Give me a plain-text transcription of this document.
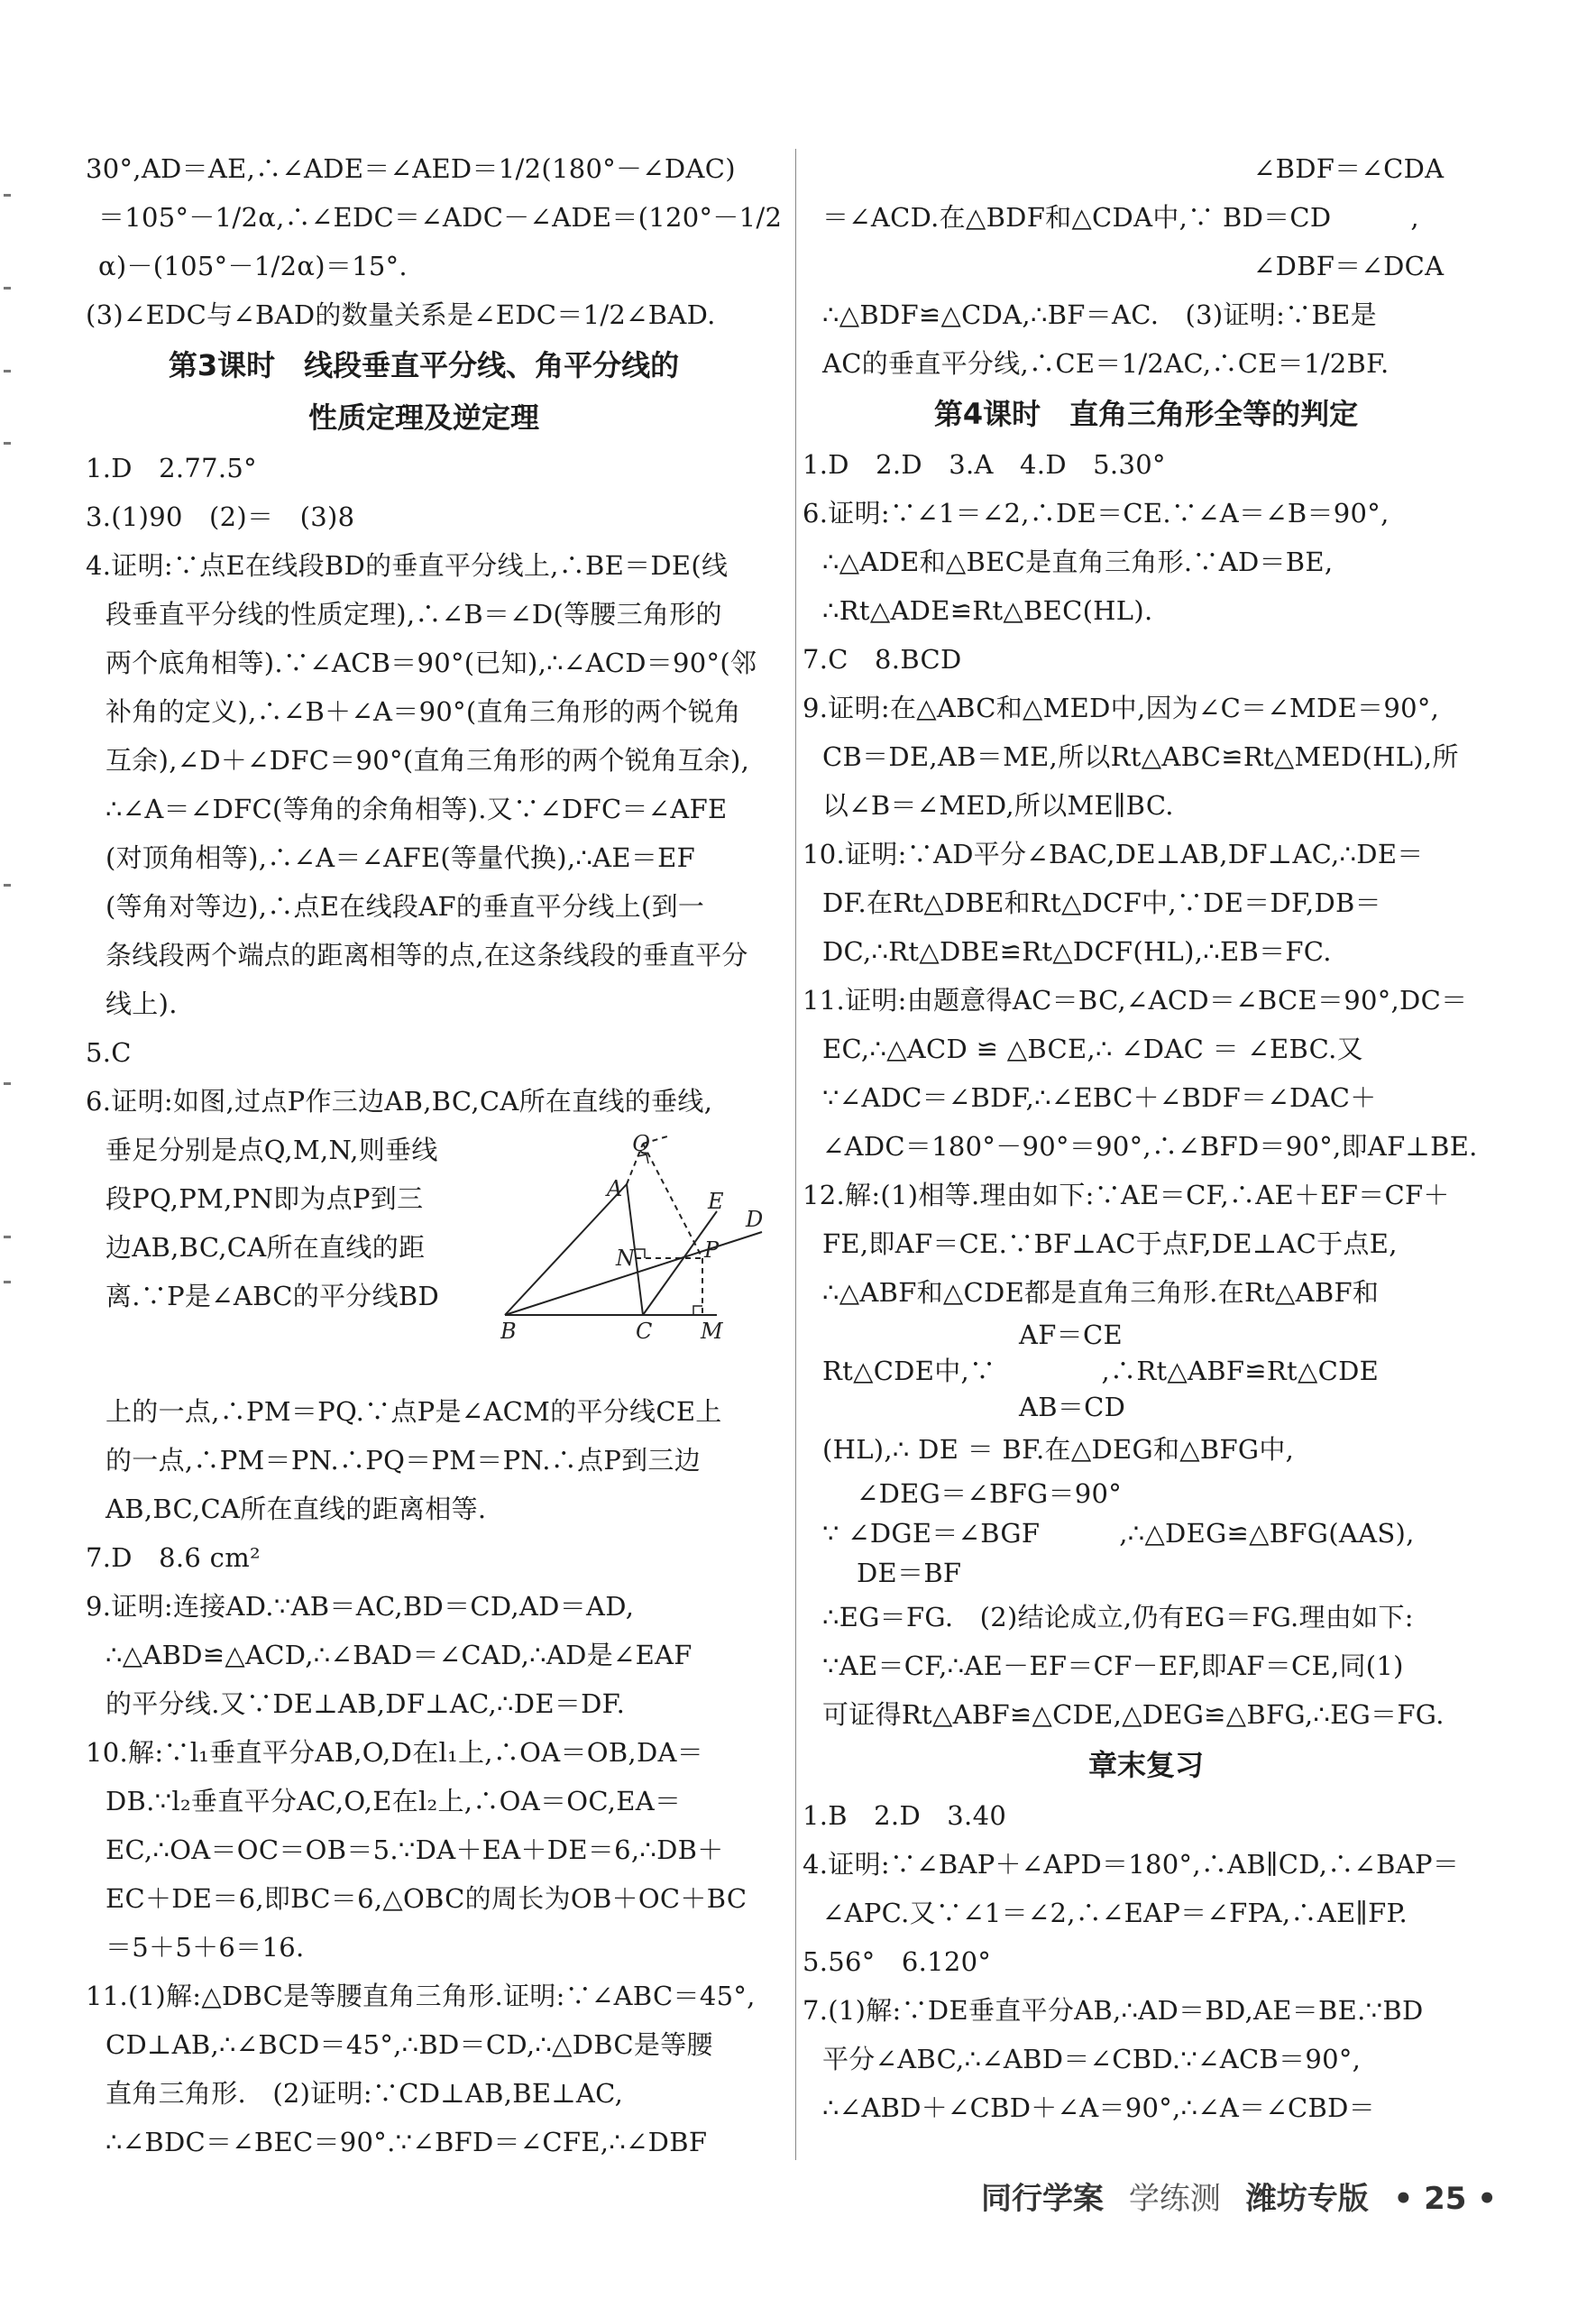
30°,AD＝AE,∴∠ADE＝∠AED＝1/2(180°－∠DAC)
＝105°－1/2α,∴∠EDC＝∠ADC－∠ADE＝(120°－1/2
α)－(105°－1/2α)＝15°.
(3)∠EDC与∠BAD的数量关系是∠EDC＝1/2∠BAD.
第3课时　线段垂直平分线、角平分线的
性质定理及逆定理
1.D　2.77.5°
3.(1)90　(2)＝　(3)8
4.证明:∵点E在线段BD的垂直平分线上,∴BE＝DE(线
段垂直平分线的性质定理),∴∠B＝∠D(等腰三角形的
两个底角相等).∵∠ACB＝90°(已知),∴∠ACD＝90°(邻
补角的定义),∴∠B＋∠A＝90°(直角三角形的两个锐角
互余),∠D＋∠DFC＝90°(直角三角形的两个锐角互余),
∴∠A＝∠DFC(等角的余角相等).又∵∠DFC＝∠AFE
(对顶角相等),∴∠A＝∠AFE(等量代换),∴AE＝EF
(等角对等边),∴点E在线段AF的垂直平分线上(到一
条线段两个端点的距离相等的点,在这条线段的垂直平分
线上).
5.C
6.证明:如图,过点P作三边AB,BC,CA所在直线的垂线,
垂足分别是点Q,M,N,则垂线
段PQ,PM,PN即为点P到三
边AB,BC,CA所在直线的距
离.∵P是∠ABC的平分线BD
Q
A	E
D
N	P
B	C M
上的一点,∴PM＝PQ.∵点P是∠ACM的平分线CE上
的一点,∴PM＝PN.∴PQ＝PM＝PN.∴点P到三边
AB,BC,CA所在直线的距离相等.
7.D　8.6 cm²
9.证明:连接AD.∵AB＝AC,BD＝CD,AD＝AD,
∴△ABD≌△ACD,∴∠BAD＝∠CAD,∴AD是∠EAF
的平分线.又∵DE⊥AB,DF⊥AC,∴DE＝DF.
10.解:∵l₁垂直平分AB,O,D在l₁上,∴OA＝OB,DA＝
DB.∵l₂垂直平分AC,O,E在l₂上,∴OA＝OC,EA＝
EC,∴OA＝OC＝OB＝5.∵DA＋EA＋DE＝6,∴DB＋
EC＋DE＝6,即BC＝6,△OBC的周长为OB＋OC＋BC
＝5＋5＋6＝16.
11.(1)解:△DBC是等腰直角三角形.证明:∵∠ABC＝45°,
CD⊥AB,∴∠BCD＝45°,∴BD＝CD,∴△DBC是等腰
直角三角形.　(2)证明:∵CD⊥AB,BE⊥AC,
∴∠BDC＝∠BEC＝90°.∵∠BFD＝∠CFE,∴∠DBF
∠BDF＝∠CDA
＝∠ACD.在△BDF和△CDA中,∵ BD＝CD　　　,
∠DBF＝∠DCA
∴△BDF≌△CDA,∴BF＝AC.　(3)证明:∵BE是
AC的垂直平分线,∴CE＝1/2AC,∴CE＝1/2BF.
第4课时　直角三角形全等的判定
1.D　2.D　3.A　4.D　5.30°
6.证明:∵∠1＝∠2,∴DE＝CE.∵∠A＝∠B＝90°,
∴△ADE和△BEC是直角三角形.∵AD＝BE,
∴Rt△ADE≌Rt△BEC(HL).
7.C　8.BCD
9.证明:在△ABC和△MED中,因为∠C＝∠MDE＝90°,
CB＝DE,AB＝ME,所以Rt△ABC≌Rt△MED(HL),所
以∠B＝∠MED,所以ME∥BC.
10.证明:∵AD平分∠BAC,DE⊥AB,DF⊥AC,∴DE＝
DF.在Rt△DBE和Rt△DCF中,∵DE＝DF,DB＝
DC,∴Rt△DBE≌Rt△DCF(HL),∴EB＝FC.
11.证明:由题意得AC＝BC,∠ACD＝∠BCE＝90°,DC＝
EC,∴△ACD ≌ △BCE,∴ ∠DAC ＝ ∠EBC.又
∵∠ADC＝∠BDF,∴∠EBC＋∠BDF＝∠DAC＋
∠ADC＝180°－90°＝90°,∴∠BFD＝90°,即AF⊥BE.
12.解:(1)相等.理由如下:∵AE＝CF,∴AE＋EF＝CF＋
FE,即AF＝CE.∵BF⊥AC于点F,DE⊥AC于点E,
∴△ABF和△CDE都是直角三角形.在Rt△ABF和
AF＝CE
Rt△CDE中,∵　　　　,∴Rt△ABF≌Rt△CDE
AB＝CD
(HL),∴ DE ＝ BF.在△DEG和△BFG中,
∠DEG＝∠BFG＝90°
∵ ∠DGE＝∠BGF　　　,∴△DEG≌△BFG(AAS),
DE＝BF
∴EG＝FG.　(2)结论成立,仍有EG＝FG.理由如下:
∵AE＝CF,∴AE－EF＝CF－EF,即AF＝CE,同(1)
可证得Rt△ABF≌△CDE,△DEG≌△BFG,∴EG＝FG.
章末复习
1.B　2.D　3.40
4.证明:∵∠BAP＋∠APD＝180°,∴AB∥CD,∴∠BAP＝
∠APC.又∵∠1＝∠2,∴∠EAP＝∠FPA,∴AE∥FP.
5.56°　6.120°
7.(1)解:∵DE垂直平分AB,∴AD＝BD,AE＝BE.∵BD
平分∠ABC,∴∠ABD＝∠CBD.∵∠ACB＝90°,
∴∠ABD＋∠CBD＋∠A＝90°,∴∠A＝∠CBD＝
同行学案 学练测 潍坊专版 • 25 •
